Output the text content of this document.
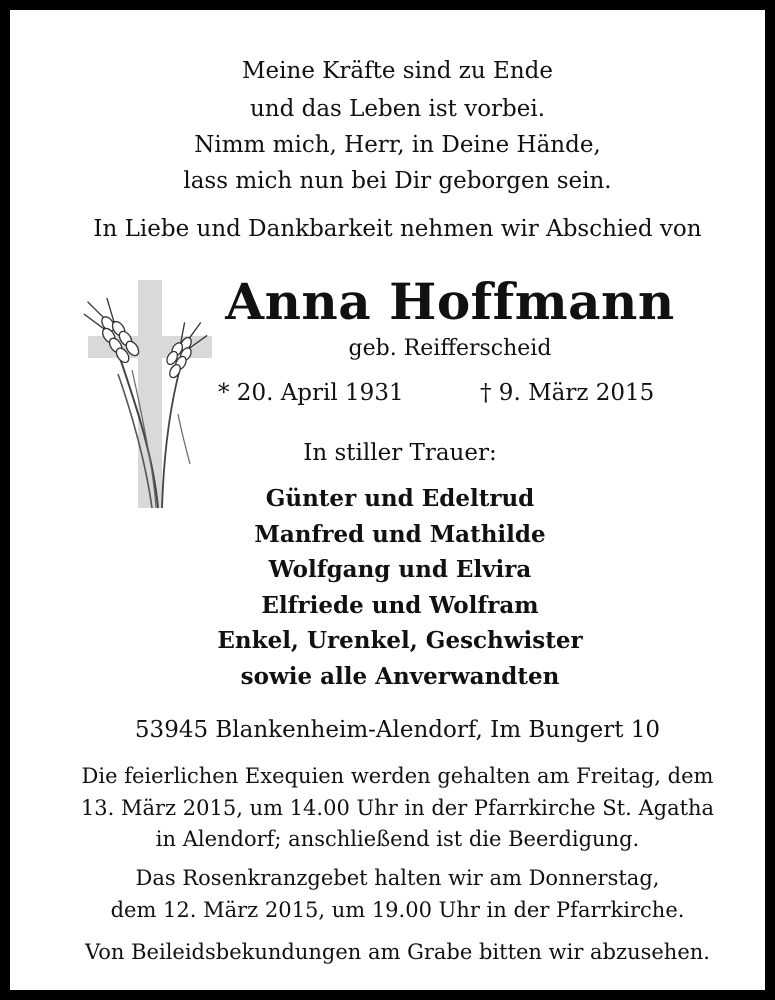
Meine Kräfte sind zu Ende
und das Leben ist vorbei.
Nimm mich, Herr, in Deine Hände,
lass mich nun bei Dir geborgen sein.
In Liebe und Dankbarkeit nehmen wir Abschied von
Anna Hoffmann
geb. Reifferscheid
* 20. April 1931	† 9. März 2015
In stiller Trauer:
Günter und Edeltrud
Manfred und Mathilde
Wolfgang und Elvira
Elfriede und Wolfram
Enkel, Urenkel, Geschwister
sowie alle Anverwandten
53945 Blankenheim-Alendorf, Im Bungert 10
Die feierlichen Exequien werden gehalten am Freitag, dem
13. März 2015, um 14.00 Uhr in der Pfarrkirche St. Agatha
in Alendorf; anschließend ist die Beerdigung.
Das Rosenkranzgebet halten wir am Donnerstag,
dem 12. März 2015, um 19.00 Uhr in der Pfarrkirche.
Von Beileidsbekundungen am Grabe bitten wir abzusehen.
